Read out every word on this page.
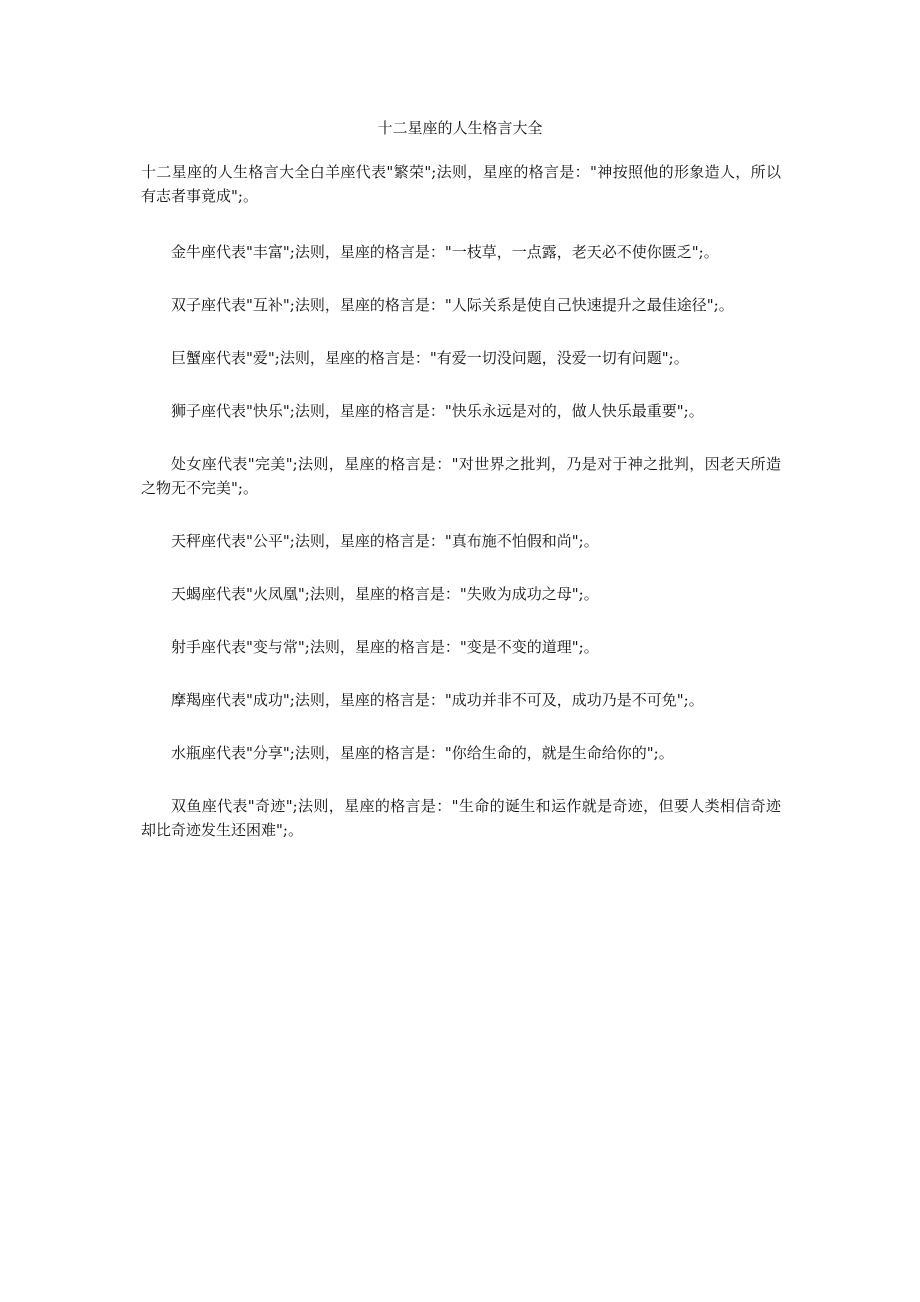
十二星座的人生格言大全

十二星座的人生格言大全白羊座代表"繁荣";法则，星座的格言是："神按照他的形象造人，所以有志者事竟成";。

金牛座代表"丰富";法则，星座的格言是："一枝草，一点露，老天必不使你匮乏";。

双子座代表"互补";法则，星座的格言是："人际关系是使自己快速提升之最佳途径";。

巨蟹座代表"爱";法则，星座的格言是："有爱一切没问题，没爱一切有问题";。

狮子座代表"快乐";法则，星座的格言是："快乐永远是对的，做人快乐最重要";。

处女座代表"完美";法则，星座的格言是："对世界之批判，乃是对于神之批判，因老天所造之物无不完美";。

天秤座代表"公平";法则，星座的格言是："真布施不怕假和尚";。

天蝎座代表"火凤凰";法则，星座的格言是："失败为成功之母";。

射手座代表"变与常";法则，星座的格言是："变是不变的道理";。

摩羯座代表"成功";法则，星座的格言是："成功并非不可及，成功乃是不可免";。

水瓶座代表"分享";法则，星座的格言是："你给生命的，就是生命给你的";。

双鱼座代表"奇迹";法则，星座的格言是："生命的诞生和运作就是奇迹，但要人类相信奇迹却比奇迹发生还困难";。
